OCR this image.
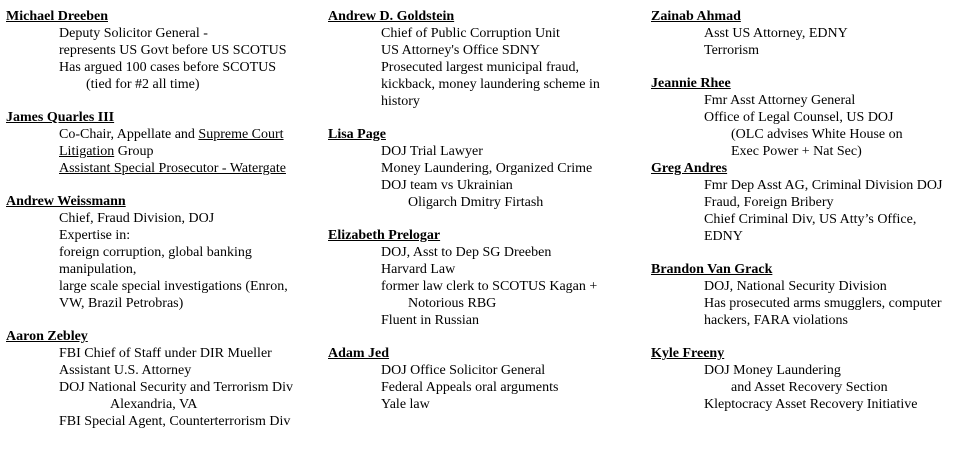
Michael Dreeben
Deputy Solicitor General -
represents US Govt before US SCOTUS
Has argued 100 cases before SCOTUS
(tied for #2 all time)
James Quarles III
Co-Chair, Appellate and Supreme Court
Litigation Group
Assistant Special Prosecutor - Watergate
Andrew Weissmann
Chief, Fraud Division, DOJ
Expertise in:
foreign corruption, global banking
manipulation,
large scale special investigations (Enron,
VW, Brazil Petrobras)
Aaron Zebley
FBI Chief of Staff under DIR Mueller
Assistant U.S. Attorney
DOJ National Security and Terrorism Div
Alexandria, VA
FBI Special Agent, Counterterrorism Div
Andrew D. Goldstein
Chief of Public Corruption Unit
US Attorney's Office SDNY
Prosecuted largest municipal fraud,
kickback, money laundering scheme in
history
Lisa Page
DOJ Trial Lawyer
Money Laundering, Organized Crime
DOJ team vs Ukrainian
Oligarch Dmitry Firtash
Elizabeth Prelogar
DOJ, Asst to Dep SG Dreeben
Harvard Law
former law clerk to SCOTUS Kagan +
Notorious RBG
Fluent in Russian
Adam Jed
DOJ Office Solicitor General
Federal Appeals oral arguments
Yale law
Zainab Ahmad
Asst US Attorney, EDNY
Terrorism
Jeannie Rhee
Fmr Asst Attorney General
Office of Legal Counsel, US DOJ
(OLC advises White House on
Exec Power + Nat Sec)
Greg Andres
Fmr Dep Asst AG, Criminal Division DOJ
Fraud, Foreign Bribery
Chief Criminal Div, US Atty’s Office,
EDNY
Brandon Van Grack
DOJ, National Security Division
Has prosecuted arms smugglers, computer
hackers, FARA violations
Kyle Freeny
DOJ Money Laundering
and Asset Recovery Section
Kleptocracy Asset Recovery Initiative
